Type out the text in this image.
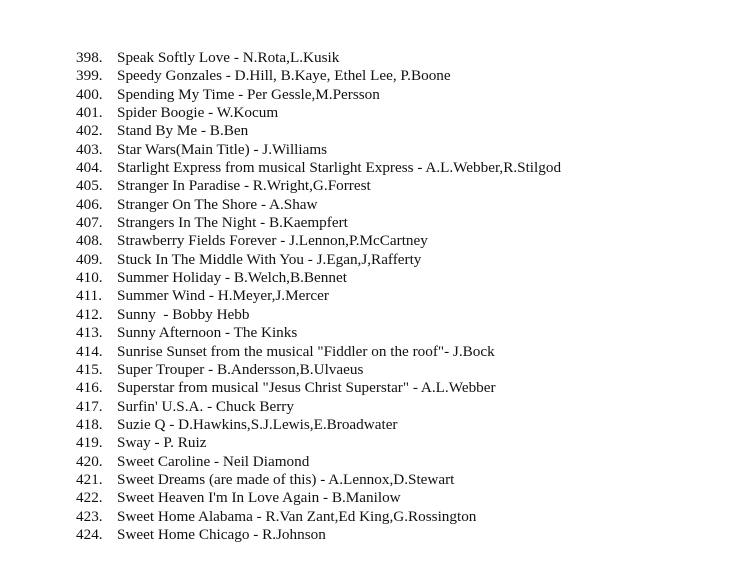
398. Speak Softly Love - N.Rota,L.Kusik
399. Speedy Gonzales - D.Hill, B.Kaye, Ethel Lee, P.Boone
400. Spending My Time - Per Gessle,M.Persson
401. Spider Boogie - W.Kocum
402. Stand By Me - B.Ben
403. Star Wars(Main Title) - J.Williams
404. Starlight Express from musical Starlight Express - A.L.Webber,R.Stilgod
405. Stranger In Paradise - R.Wright,G.Forrest
406. Stranger On The Shore - A.Shaw
407. Strangers In The Night - B.Kaempfert
408. Strawberry Fields Forever - J.Lennon,P.McCartney
409. Stuck In The Middle With You - J.Egan,J,Rafferty
410. Summer Holiday - B.Welch,B.Bennet
411. Summer Wind - H.Meyer,J.Mercer
412. Sunny  - Bobby Hebb
413. Sunny Afternoon - The Kinks
414. Sunrise Sunset from the musical "Fiddler on the roof"- J.Bock
415. Super Trouper - B.Andersson,B.Ulvaeus
416. Superstar from musical "Jesus Christ Superstar" - A.L.Webber
417. Surfin' U.S.A. - Chuck Berry
418. Suzie Q - D.Hawkins,S.J.Lewis,E.Broadwater
419. Sway - P. Ruiz
420. Sweet Caroline - Neil Diamond
421. Sweet Dreams (are made of this) - A.Lennox,D.Stewart
422. Sweet Heaven I'm In Love Again - B.Manilow
423. Sweet Home Alabama - R.Van Zant,Ed King,G.Rossington
424. Sweet Home Chicago - R.Johnson
